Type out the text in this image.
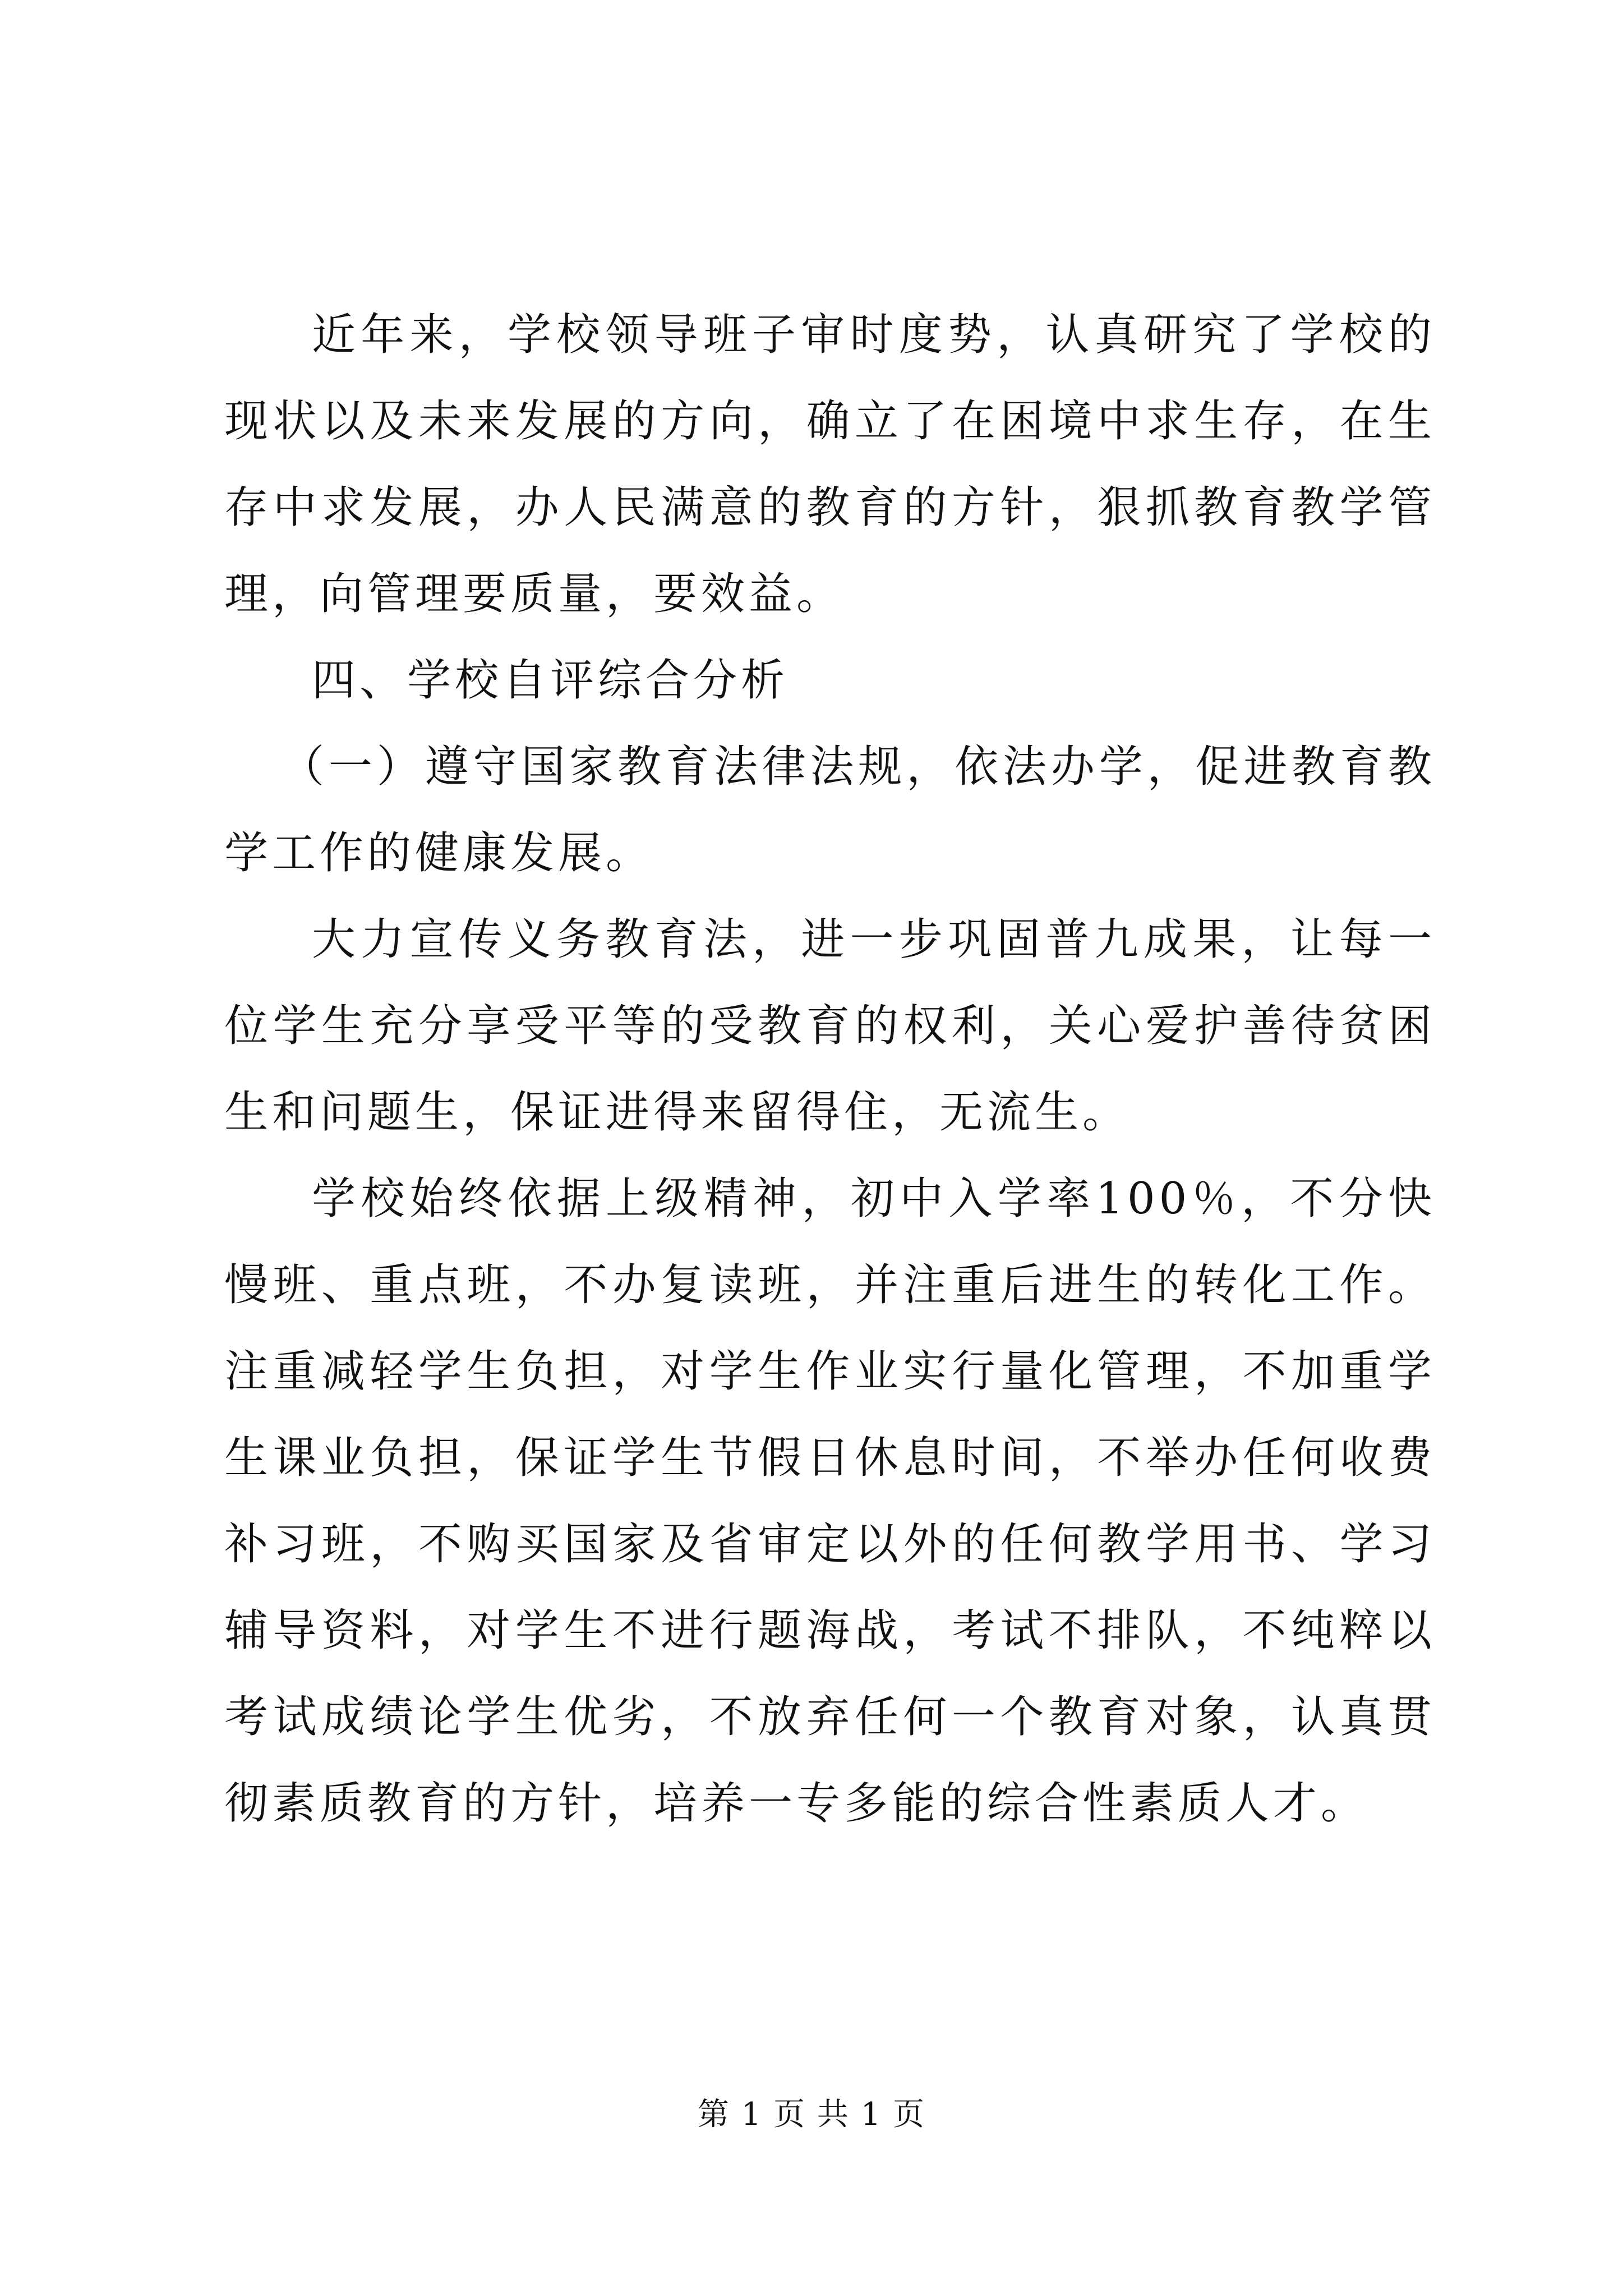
近年来，学校领导班子审时度势，认真研究了学校的现状以及未来发展的方向，确立了在困境中求生存，在生存中求发展，办人民满意的教育的方针，狠抓教育教学管理，向管理要质量，要效益。

四、学校自评综合分析

（一）遵守国家教育法律法规，依法办学，促进教育教学工作的健康发展。

大力宣传义务教育法，进一步巩固普九成果，让每一位学生充分享受平等的受教育的权利，关心爱护善待贫困生和问题生，保证进得来留得住，无流生。

学校始终依据上级精神，初中入学率100％，不分快慢班、重点班，不办复读班，并注重后进生的转化工作。注重减轻学生负担，对学生作业实行量化管理，不加重学生课业负担，保证学生节假日休息时间，不举办任何收费补习班，不购买国家及省审定以外的任何教学用书、学习辅导资料，对学生不进行题海战，考试不排队，不纯粹以考试成绩论学生优劣，不放弃任何一个教育对象，认真贯彻素质教育的方针，培养一专多能的综合性素质人才。

第 1 页 共 1 页
